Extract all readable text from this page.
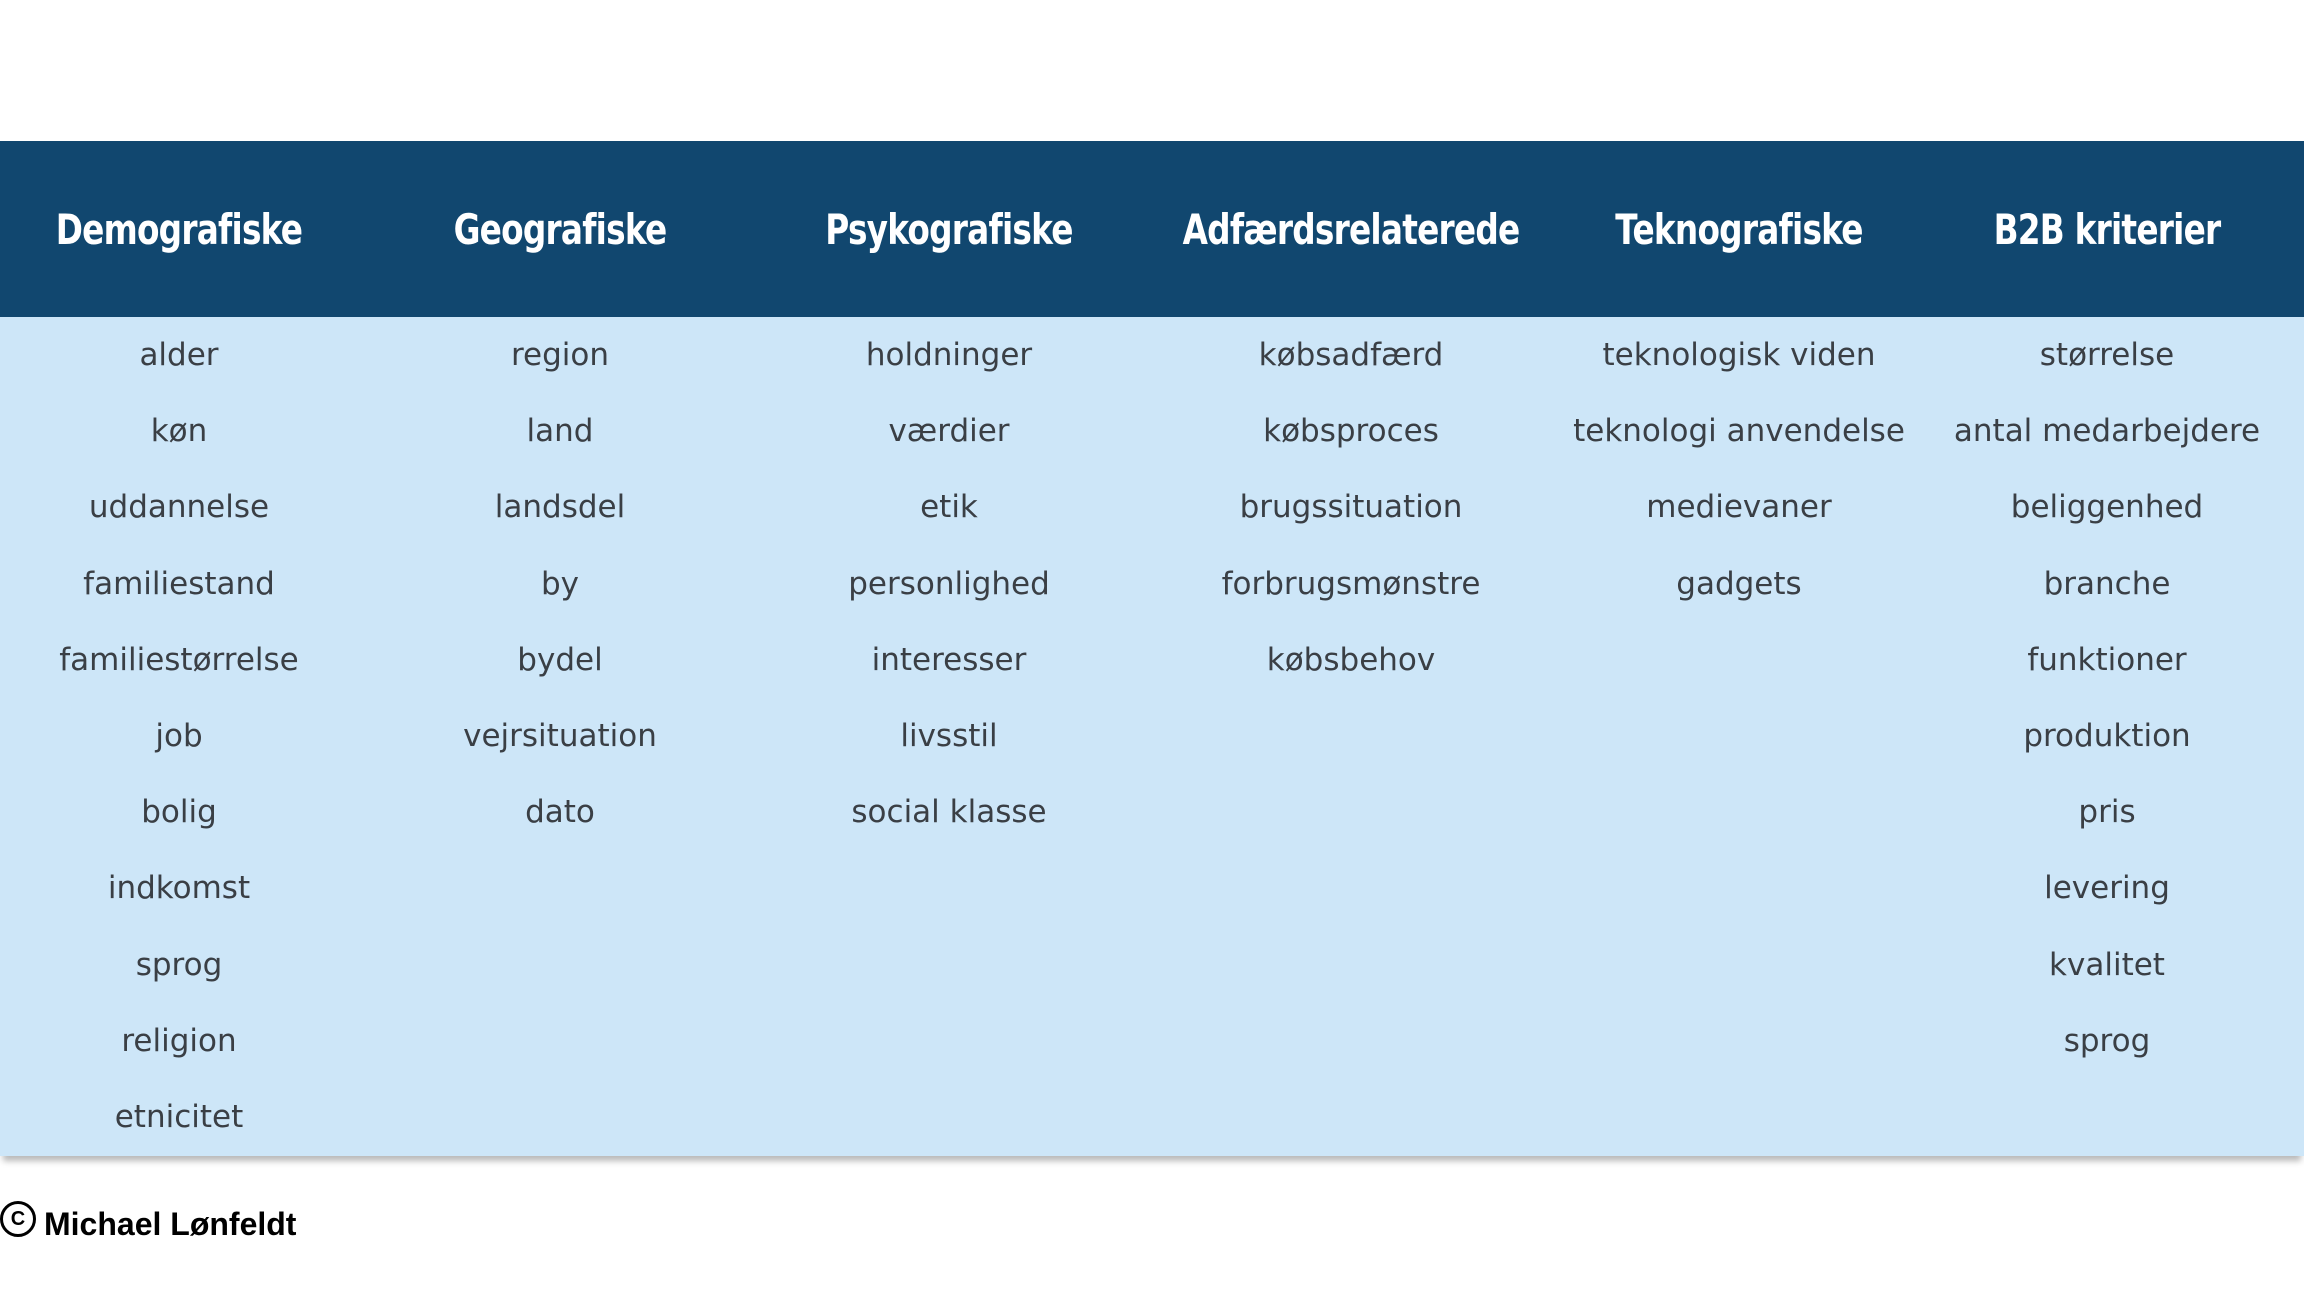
Demografiske
alder
køn
uddannelse
familiestand
familiestørrelse
job
bolig
indkomst
sprog
religion
etnicitet
Geografiske
region
land
landsdel
by
bydel
vejrsituation
dato
Psykografiske
holdninger
værdier
etik
personlighed
interesser
livsstil
social klasse
Adfærdsrelaterede
købsadfærd
købsproces
brugssituation
forbrugsmønstre
købsbehov
Teknografiske
teknologisk viden
teknologi anvendelse
medievaner
gadgets
B2B kriterier
størrelse
antal medarbejdere
beliggenhed
branche
funktioner
produktion
pris
levering
kvalitet
sprog
C Michael Lønfeldt
